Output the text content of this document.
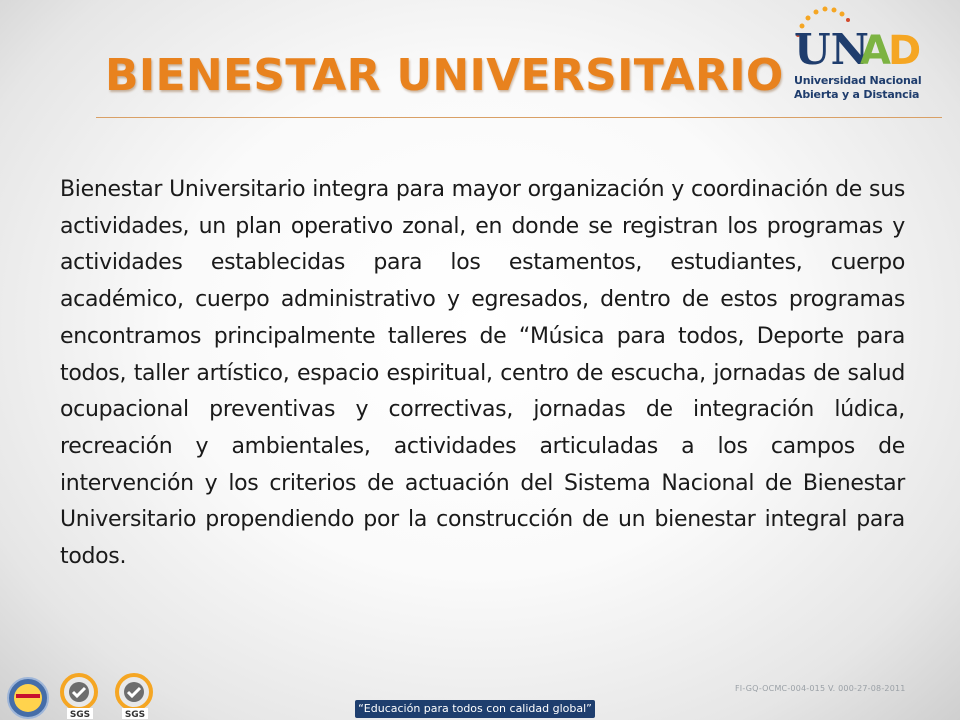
BIENESTAR UNIVERSITARIO
UN
A
D
Universidad Nacional
Abierta y a Distancia

Bienestar Universitario integra para mayor organización y coordinación de sus actividades, un plan operativo zonal, en donde se registran los programas y actividades establecidas para los estamentos, estudiantes, cuerpo académico, cuerpo administrativo y egresados, dentro de estos programas encontramos principalmente talleres de “Música para todos, Deporte para todos, taller artístico, espacio espiritual, centro de escucha, jornadas de salud ocupacional preventivas y correctivas, jornadas de integración lúdica, recreación y ambientales, actividades articuladas a los campos de intervención y los criterios de actuación del Sistema Nacional de Bienestar Universitario propendiendo por la construcción de un bienestar integral para todos.

SGS	SGS
FI-GQ-OCMC-004-015 V. 000-27-08-2011
“Educación para todos con calidad global”
